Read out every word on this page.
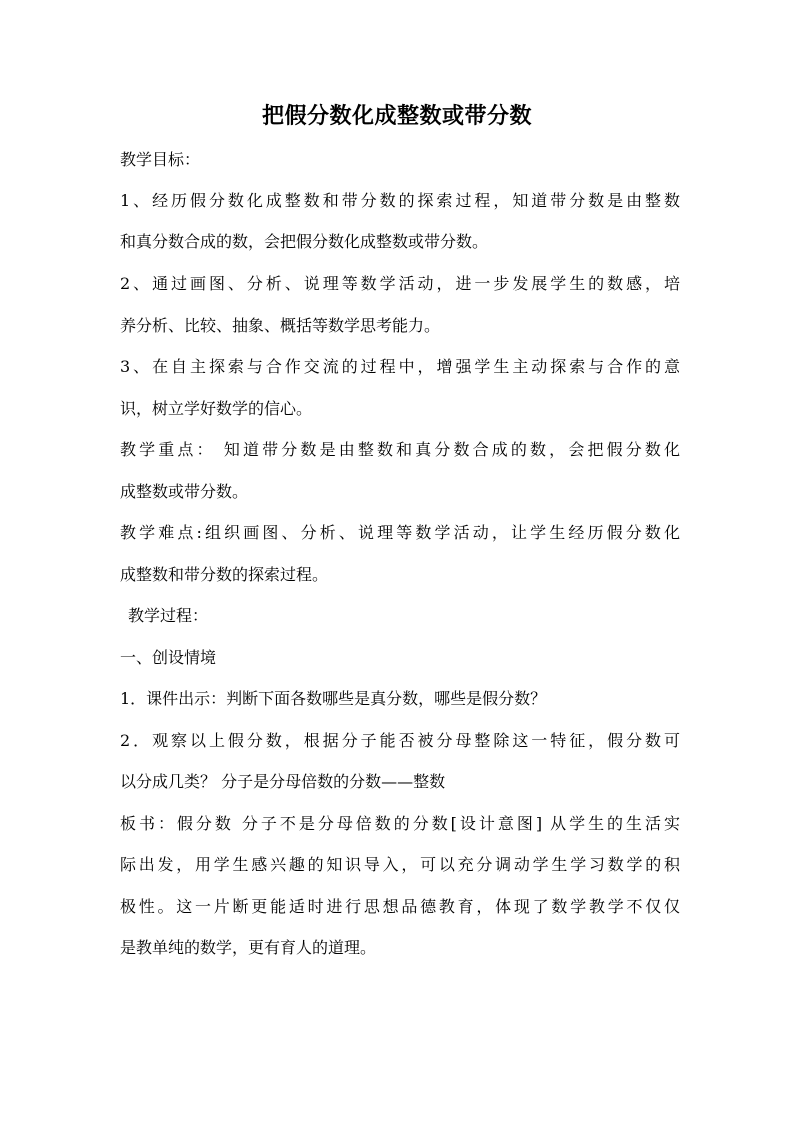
把假分数化成整数或带分数
教学目标：
1、经历假分数化成整数和带分数的探索过程，知道带分数是由整数
和真分数合成的数，会把假分数化成整数或带分数。
2、通过画图、分析、说理等数学活动，进一步发展学生的数感，培
养分析、比较、抽象、概括等数学思考能力。
3、在自主探索与合作交流的过程中，增强学生主动探索与合作的意
识，树立学好数学的信心。
教学重点： 知道带分数是由整数和真分数合成的数，会把假分数化
成整数或带分数。
教学难点:组织画图、分析、说理等数学活动，让学生经历假分数化
成整数和带分数的探索过程。
教学过程：
一、创设情境
1．课件出示：判断下面各数哪些是真分数，哪些是假分数？
2．观察以上假分数，根据分子能否被分母整除这一特征，假分数可
以分成几类？ 分子是分母倍数的分数——整数
板书：假分数 分子不是分母倍数的分数[设计意图] 从学生的生活实
际出发，用学生感兴趣的知识导入，可以充分调动学生学习数学的积
极性。这一片断更能适时进行思想品德教育，体现了数学教学不仅仅
是教单纯的数学，更有育人的道理。
